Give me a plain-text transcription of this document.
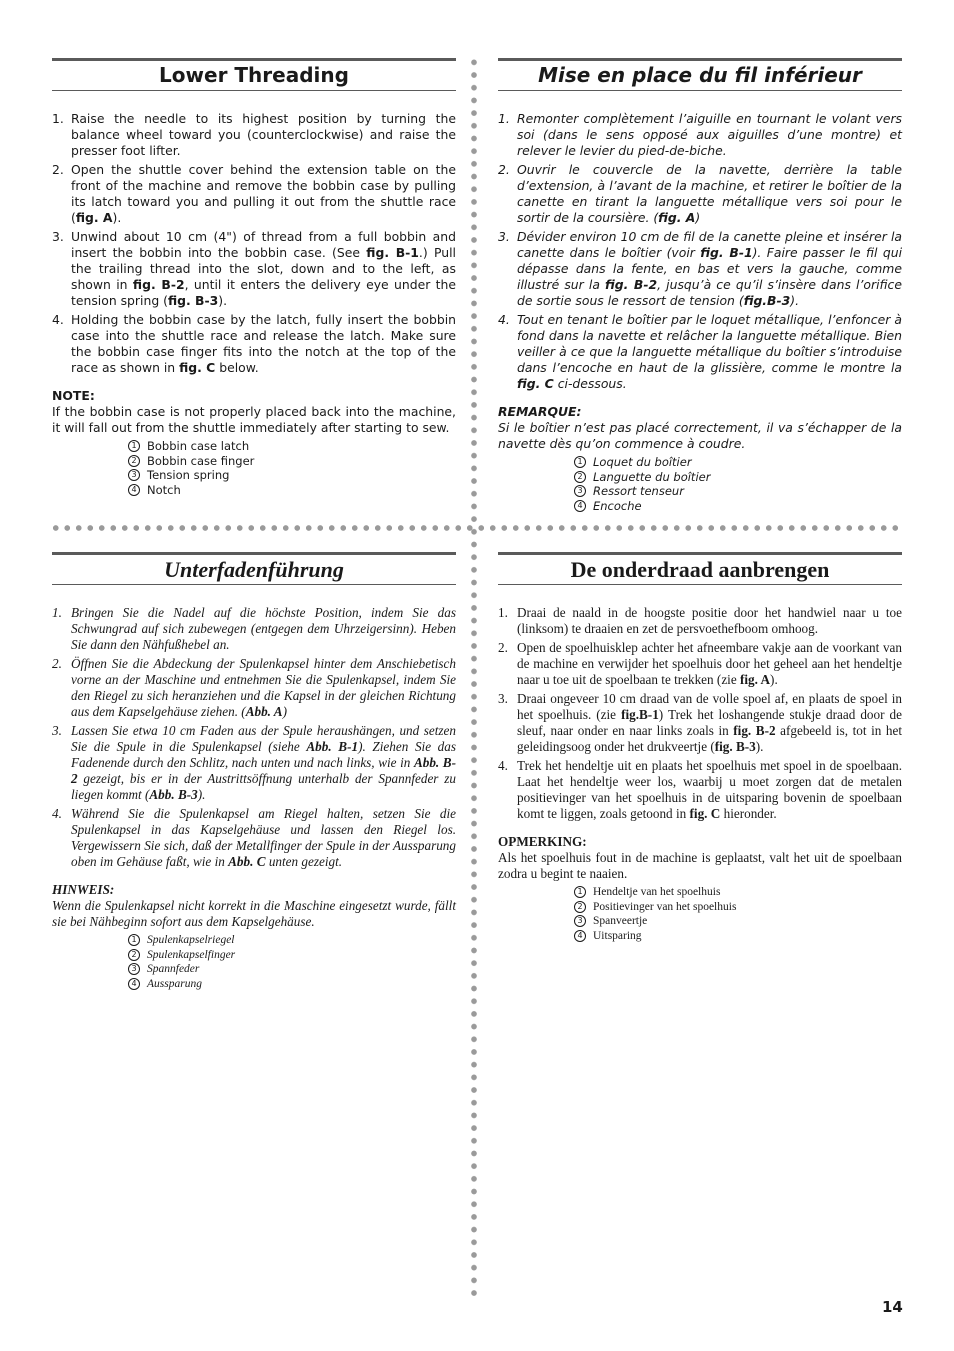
Lower Threading
1. Raise the needle to its highest position by turning the balance wheel toward you (counterclockwise) and raise the presser foot lifter.
2. Open the shuttle cover behind the extension table on the front of the machine and remove the bobbin case by pulling its latch toward you and pulling it out from the shuttle race (fig. A).
3. Unwind about 10 cm (4") of thread from a full bobbin and insert the bobbin into the bobbin case. (See fig. B-1.) Pull the trailing thread into the slot, down and to the left, as shown in fig. B-2, until it enters the delivery eye under the tension spring (fig. B-3).
4. Holding the bobbin case by the latch, fully insert the bobbin case into the shuttle race and release the latch. Make sure the bobbin case finger fits into the notch at the top of the race as shown in fig. C below.
NOTE:
If the bobbin case is not properly placed back into the machine, it will fall out from the shuttle immediately after starting to sew.
1 Bobbin case latch
2 Bobbin case finger
3 Tension spring
4 Notch
Mise en place du fil inférieur
1. Remonter complètement l’aiguille en tournant le volant vers soi (dans le sens opposé aux aiguilles d’une montre) et relever le levier du pied-de-biche.
2. Ouvrir le couvercle de la navette, derrière la table d’extension, à l’avant de la machine, et retirer le boîtier de la canette en tirant la languette métallique vers soi pour le sortir de la coursière. (fig. A)
3. Dévider environ 10 cm de fil de la canette pleine et insérer la canette dans le boîtier (voir fig. B-1). Faire passer le fil qui dépasse dans la fente, en bas et vers la gauche, comme illustré sur la fig. B-2, jusqu’à ce qu’il s’insère dans l’orifice de sortie sous le ressort de tension (fig.B-3).
4. Tout en tenant le boîtier par le loquet métallique, l’enfoncer à fond dans la navette et relâcher la languette métallique. Bien veiller à ce que la languette métallique du boîtier s’introduise dans l’encoche en haut de la glissière, comme le montre la fig. C ci-dessous.
REMARQUE:
Si le boîtier n’est pas placé correctement, il va s’échapper de la navette dès qu’on commence à coudre.
1 Loquet du boîtier
2 Languette du boîtier
3 Ressort tenseur
4 Encoche
Unterfadenführung
1. Bringen Sie die Nadel auf die höchste Position, indem Sie das Schwungrad auf sich zubewegen (entgegen dem Uhrzeigersinn). Heben Sie dann den Nähfußhebel an.
2. Öffnen Sie die Abdeckung der Spulenkapsel hinter dem Anschiebetisch vorne an der Maschine und entnehmen Sie die Spulenkapsel, indem Sie den Riegel zu sich heranziehen und die Kapsel in der gleichen Richtung aus dem Kapselgehäuse ziehen. (Abb. A)
3. Lassen Sie etwa 10 cm Faden aus der Spule heraushängen, und setzen Sie die Spule in die Spulenkapsel (siehe Abb. B-1). Ziehen Sie das Fadenende durch den Schlitz, nach unten und nach links, wie in Abb. B-2 gezeigt, bis er in der Austrittsöffnung unterhalb der Spannfeder zu liegen kommt (Abb. B-3).
4. Während Sie die Spulenkapsel am Riegel halten, setzen Sie die Spulenkapsel in das Kapselgehäuse und lassen den Riegel los. Vergewissern Sie sich, daß der Metallfinger der Spule in der Aussparung oben im Gehäuse faßt, wie in Abb. C unten gezeigt.
HINWEIS:
Wenn die Spulenkapsel nicht korrekt in die Maschine eingesetzt wurde, fällt sie bei Nähbeginn sofort aus dem Kapselgehäuse.
1 Spulenkapselriegel
2 Spulenkapselfinger
3 Spannfeder
4 Aussparung
De onderdraad aanbrengen
1. Draai de naald in de hoogste positie door het handwiel naar u toe (linksom) te draaien en zet de persvoethefboom omhoog.
2. Open de spoelhuisklep achter het afneembare vakje aan de voorkant van de machine en verwijder het spoelhuis door het geheel aan het hendeltje naar u toe uit de spoelbaan te trekken (zie fig. A).
3. Draai ongeveer 10 cm draad van de volle spoel af, en plaats de spoel in het spoelhuis. (zie fig.B-1) Trek het loshangende stukje draad door de sleuf, naar onder en naar links zoals in fig. B-2 afgebeeld is, tot in het geleidingsoog onder het drukveertje (fig. B-3).
4. Trek het hendeltje uit en plaats het spoelhuis met spoel in de spoelbaan. Laat het hendeltje weer los, waarbij u moet zorgen dat de metalen positievinger van het spoelhuis in de uitsparing bovenin de spoelbaan komt te liggen, zoals getoond in fig. C hieronder.
OPMERKING:
Als het spoelhuis fout in de machine is geplaatst, valt het uit de spoelbaan zodra u begint te naaien.
1 Hendeltje van het spoelhuis
2 Positievinger van het spoelhuis
3 Spanveertje
4 Uitsparing
14
